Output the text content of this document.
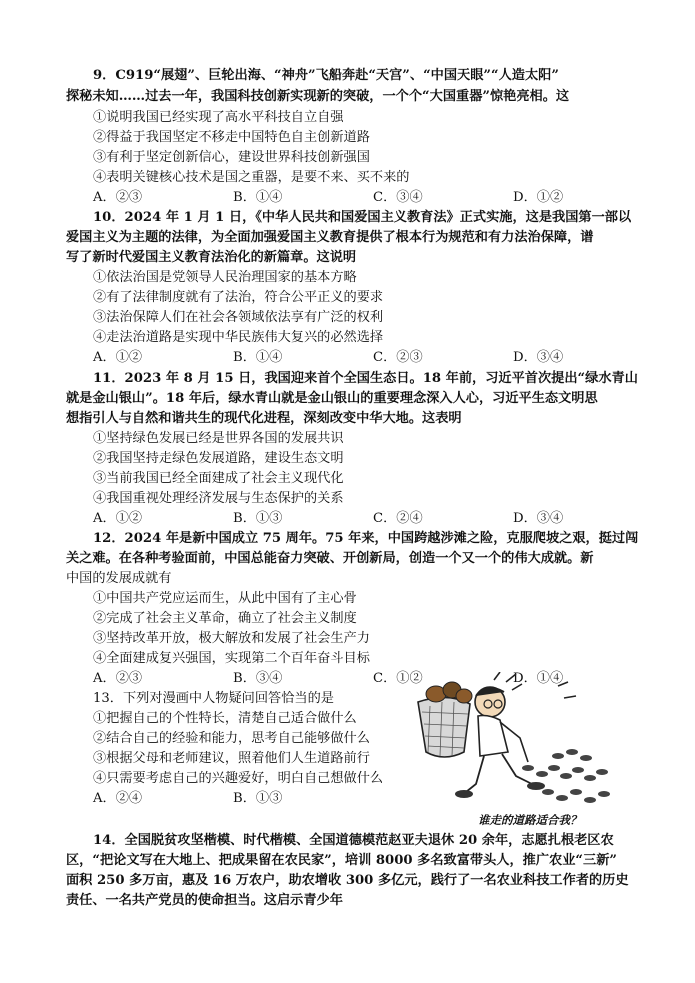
9．C919“展翅”、巨轮出海、“神舟”飞船奔赴“天宫”、“中国天眼”“人造太阳”
探秘未知……过去一年，我国科技创新实现新的突破，一个个“大国重器”惊艳亮相。这
①说明我国已经实现了高水平科技自立自强
②得益于我国坚定不移走中国特色自主创新道路
③有利于坚定创新信心，建设世界科技创新强国
④表明关键核心技术是国之重器，是要不来、买不来的
A．②③	B．①④	C．③④	D．①②
10．2024 年 1 月 1 日，《中华人民共和国爱国主义教育法》正式实施，这是我国第一部以
爱国主义为主题的法律，为全面加强爱国主义教育提供了根本行为规范和有力法治保障，谱
写了新时代爱国主义教育法治化的新篇章。这说明
①依法治国是党领导人民治理国家的基本方略
②有了法律制度就有了法治，符合公平正义的要求
③法治保障人们在社会各领域依法享有广泛的权利
④走法治道路是实现中华民族伟大复兴的必然选择
A．①②	B．①④	C．②③	D．③④
11．2023 年 8 月 15 日，我国迎来首个全国生态日。18 年前，习近平首次提出“绿水青山
就是金山银山”。18 年后，绿水青山就是金山银山的重要理念深入人心，习近平生态文明思
想指引人与自然和谐共生的现代化进程，深刻改变中华大地。这表明
①坚持绿色发展已经是世界各国的发展共识
②我国坚持走绿色发展道路，建设生态文明
③当前我国已经全面建成了社会主义现代化
④我国重视处理经济发展与生态保护的关系
A．①②	B．①③	C．②④	D．③④
12．2024 年是新中国成立 75 周年。75 年来，中国跨越涉滩之险，克服爬坡之艰，挺过闯
关之难。在各种考验面前，中国总能奋力突破、开创新局，创造一个又一个的伟大成就。新
中国的发展成就有
①中国共产党应运而生，从此中国有了主心骨
②完成了社会主义革命，确立了社会主义制度
③坚持改革开放，极大解放和发展了社会生产力
④全面建成复兴强国，实现第二个百年奋斗目标
A．②③	B．③④	C．①②	D．①④
13．下列对漫画中人物疑问回答恰当的是
①把握自己的个性特长，清楚自己适合做什么
②结合自己的经验和能力，思考自己能够做什么
③根据父母和老师建议，照着他们人生道路前行
④只需要考虑自己的兴趣爱好，明白自己想做什么
A．②④	B．①③
谁走的道路适合我？
14．全国脱贫攻坚楷模、时代楷模、全国道德模范赵亚夫退休 20 余年，志愿扎根老区农
区，“把论文写在大地上、把成果留在农民家”，培训 8000 多名致富带头人，推广农业“三新”
面积 250 多万亩，惠及 16 万农户，助农增收 300 多亿元，践行了一名农业科技工作者的历史
责任、一名共产党员的使命担当。这启示青少年
